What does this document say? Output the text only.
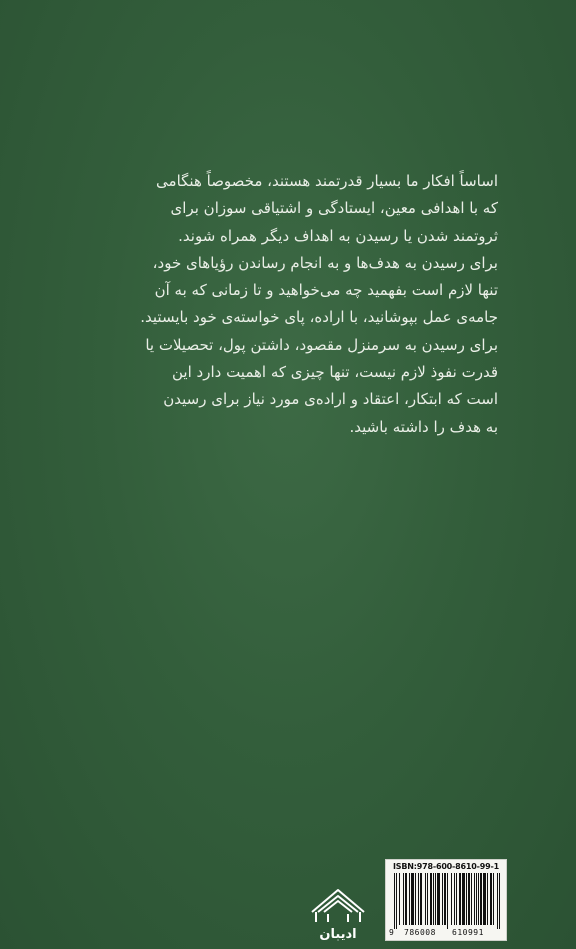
اساساً افکار ما بسیار قدرتمند هستند، مخصوصاً هنگامی
که با اهدافی معین، ایستادگی و اشتیاقی سوزان برای
ثروتمند شدن یا رسیدن به اهداف دیگر همراه شوند.
برای رسیدن به هدف‌ها و به انجام رساندن رؤیاهای خود،
تنها لازم است بفهمید چه می‌خواهید و تا زمانی که به آن
جامه‌ی عمل بپوشانید، با اراده، پای خواسته‌ی خود بایستید.
برای رسیدن به سرمنزل مقصود، داشتن پول، تحصیلات یا
قدرت نفوذ لازم نیست، تنها چیزی که اهمیت دارد این
است که ابتکار، اعتقاد و اراده‌ی مورد نیاز برای رسیدن
به هدف را داشته باشید.
ادیبان
ISBN:978-600-8610-99-1
9 786008 610991
